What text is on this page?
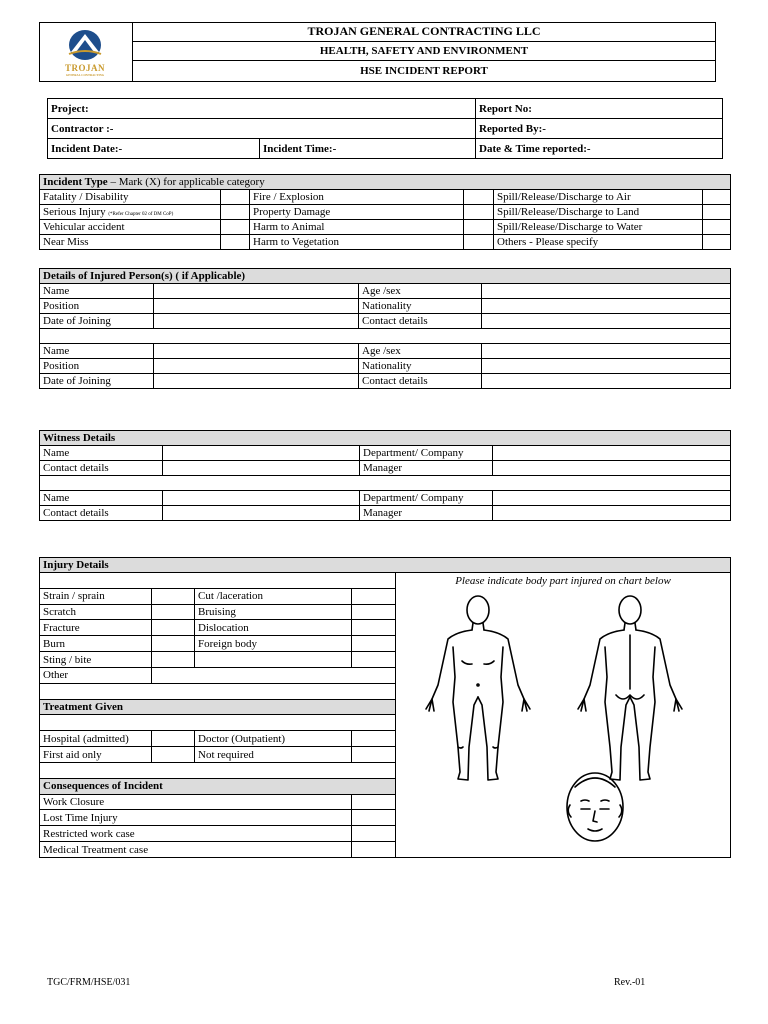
TROJAN
GENERAL CONTRACTING
	TROJAN GENERAL CONTRACTING LLC
HEALTH, SAFETY AND ENVIRONMENT
HSE INCIDENT REPORT
Project:		Report No:
Contractor :-		Reported By:-
Incident Date:-	Incident Time:-	Date & Time reported:-
Incident Type – Mark (X) for applicable category					
Fatality / Disability		Fire / Explosion		Spill/Release/Discharge to Air	
Serious Injury (*Refer Chapter 02 of DM CoP)		Property Damage		Spill/Release/Discharge to Land	
Vehicular accident		Harm to Animal		Spill/Release/Discharge to Water	
Near Miss		Harm to Vegetation		Others - Please specify	
Details of Injured Person(s) ( if Applicable)			
Name		Age /sex	
Position		Nationality	
Date of Joining		Contact details	

Name		Age /sex	
Position		Nationality	
Date of Joining		Contact details	
Witness Details			
Name		Department/ Company	
Contact details		Manager	

Name		Department/ Company	
Contact details		Manager	
Injury Details				

				Please indicate body part injured on chart below

Strain / sprain		Cut /laceration		
Scratch		Bruising		
Fracture		Dislocation		
Burn		Foreign body		
Sting / bite				
Other				

Treatment Given				

Hospital (admitted)		Doctor (Outpatient)		
First aid only		Not required		

Consequences of Incident				
Work Closure				
Lost Time Injury				
Restricted work case				
Medical Treatment case				
TGC/FRM/HSE/031	Rev.-01
